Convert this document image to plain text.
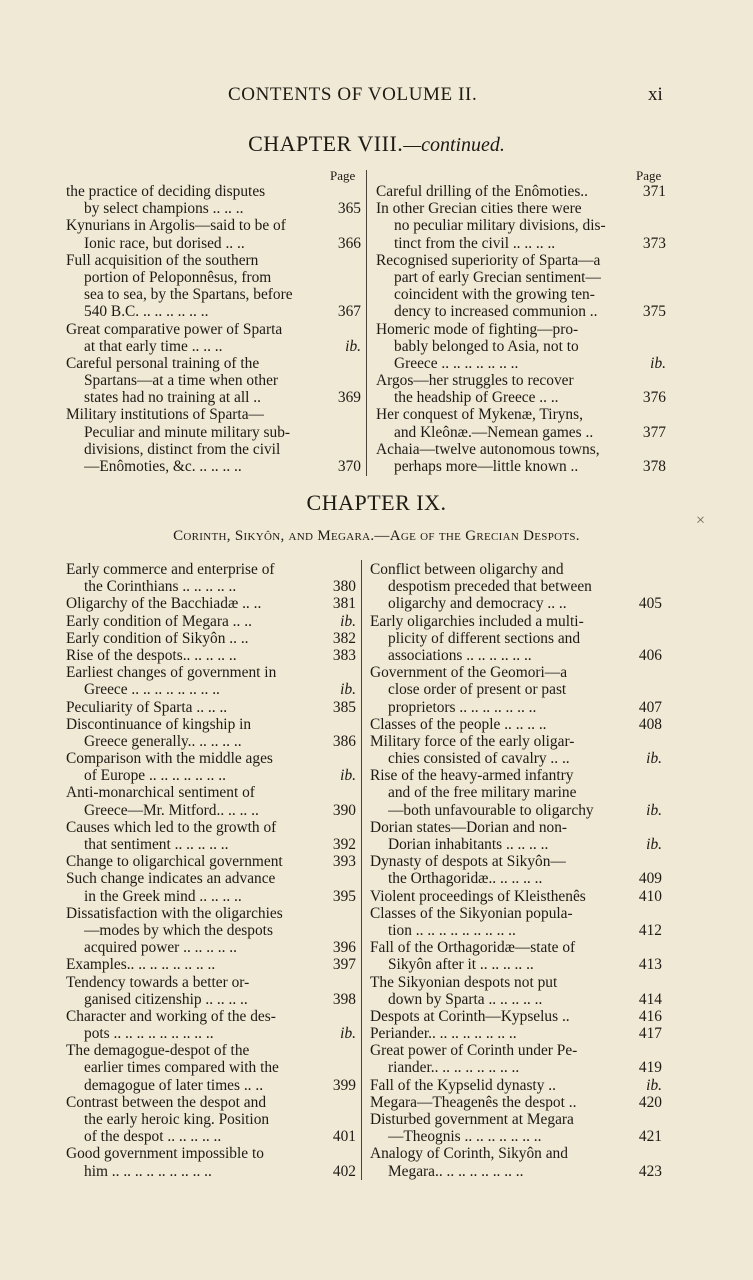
CONTENTS OF VOLUME II.	xi
CHAPTER VIII.—continued.
Page	Page
the practice of deciding disputes
by select champions .. .. ..	365
Kynurians in Argolis—said to be of
Ionic race, but dorised .. ..	366
Full acquisition of the southern
portion of Peloponnêsus, from
sea to sea, by the Spartans, before
540 B.C. .. .. .. .. .. ..	367
Great comparative power of Sparta
at that early time .. .. ..	ib.
Careful personal training of the
Spartans—at a time when other
states had no training at all ..	369
Military institutions of Sparta—
Peculiar and minute military sub-
divisions, distinct from the civil
—Enômoties, &c. .. .. .. ..	370
Careful drilling of the Enômoties..	371
In other Grecian cities there were
no peculiar military divisions, dis-
tinct from the civil .. .. .. ..	373
Recognised superiority of Sparta—a
part of early Grecian sentiment—
coincident with the growing ten-
dency to increased communion ..	375
Homeric mode of fighting—pro-
bably belonged to Asia, not to
Greece .. .. .. .. .. .. ..	ib.
Argos—her struggles to recover
the headship of Greece .. ..	376
Her conquest of Mykenæ, Tiryns,
and Kleônæ.—Nemean games ..	377
Achaia—twelve autonomous towns,
perhaps more—little known ..	378
CHAPTER IX.
Corinth, Sikyôn, and Megara.—Age of the Grecian Despots.
Early commerce and enterprise of
the Corinthians .. .. .. .. ..	380
Oligarchy of the Bacchiadæ .. ..	381
Early condition of Megara .. ..	ib.
Early condition of Sikyôn .. ..	382
Rise of the despots.. .. .. .. ..	383
Earliest changes of government in
Greece .. .. .. .. .. .. .. ..	ib.
Peculiarity of Sparta .. .. ..	385
Discontinuance of kingship in
Greece generally.. .. .. .. ..	386
Comparison with the middle ages
of Europe .. .. .. .. .. .. ..	ib.
Anti-monarchical sentiment of
Greece—Mr. Mitford.. .. .. ..	390
Causes which led to the growth of
that sentiment .. .. .. .. ..	392
Change to oligarchical government	393
Such change indicates an advance
in the Greek mind .. .. .. ..	395
Dissatisfaction with the oligarchies
—modes by which the despots
acquired power .. .. .. .. ..	396
Examples.. .. .. .. .. .. .. ..	397
Tendency towards a better or-
ganised citizenship .. .. .. ..	398
Character and working of the des-
pots .. .. .. .. .. .. .. .. ..	ib.
The demagogue-despot of the
earlier times compared with the
demagogue of later times .. ..	399
Contrast between the despot and
the early heroic king. Position
of the despot .. .. .. .. ..	401
Good government impossible to
him .. .. .. .. .. .. .. .. ..	402
Conflict between oligarchy and
despotism preceded that between
oligarchy and democracy .. ..	405
Early oligarchies included a multi-
plicity of different sections and
associations .. .. .. .. .. ..	406
Government of the Geomori—a
close order of present or past
proprietors .. .. .. .. .. .. ..	407
Classes of the people .. .. .. ..	408
Military force of the early oligar-
chies consisted of cavalry .. ..	ib.
Rise of the heavy-armed infantry
and of the free military marine
—both unfavourable to oligarchy	ib.
Dorian states—Dorian and non-
Dorian inhabitants .. .. .. ..	ib.
Dynasty of despots at Sikyôn—
the Orthagoridæ.. .. .. .. ..	409
Violent proceedings of Kleisthenês	410
Classes of the Sikyonian popula-
tion .. .. .. .. .. .. .. .. ..	412
Fall of the Orthagoridæ—state of
Sikyôn after it .. .. .. .. ..	413
The Sikyonian despots not put
down by Sparta .. .. .. .. ..	414
Despots at Corinth—Kypselus ..	416
Periander.. .. .. .. .. .. .. ..	417
Great power of Corinth under Pe-
riander.. .. .. .. .. .. .. ..	419
Fall of the Kypselid dynasty ..	ib.
Megara—Theagenês the despot ..	420
Disturbed government at Megara
—Theognis .. .. .. .. .. .. ..	421
Analogy of Corinth, Sikyôn and
Megara.. .. .. .. .. .. .. ..	423
×
